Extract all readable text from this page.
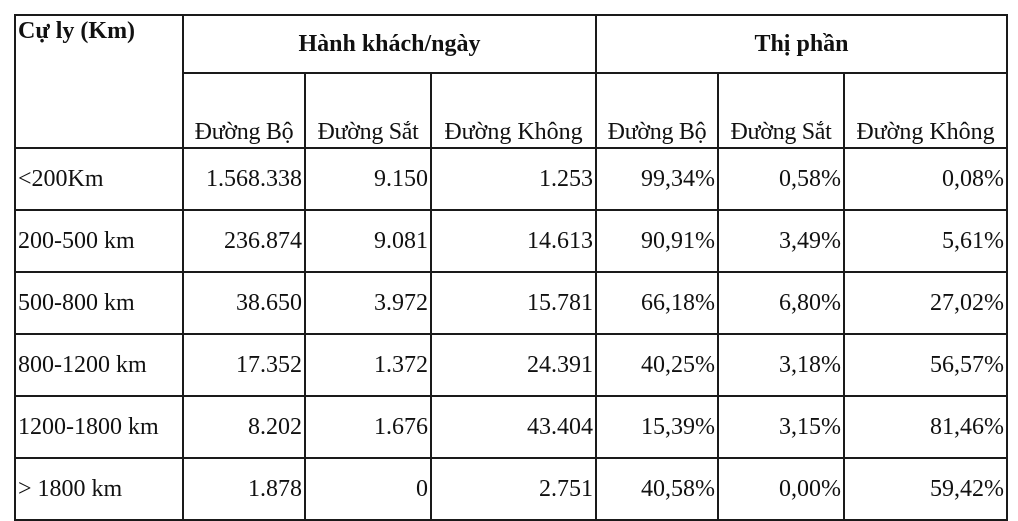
Cự ly (Km)	Hành khách/ngày			Thị phần		
	Đường Bộ	Đường Sắt	Đường Không	Đường Bộ	Đường Sắt	Đường Không
<200Km	1.568.338	9.150	1.253	99,34%	0,58%	0,08%
200-500 km	236.874	9.081	14.613	90,91%	3,49%	5,61%
500-800 km	38.650	3.972	15.781	66,18%	6,80%	27,02%
800-1200 km	17.352	1.372	24.391	40,25%	3,18%	56,57%
1200-1800 km	8.202	1.676	43.404	15,39%	3,15%	81,46%
> 1800 km	1.878	0	2.751	40,58%	0,00%	59,42%
